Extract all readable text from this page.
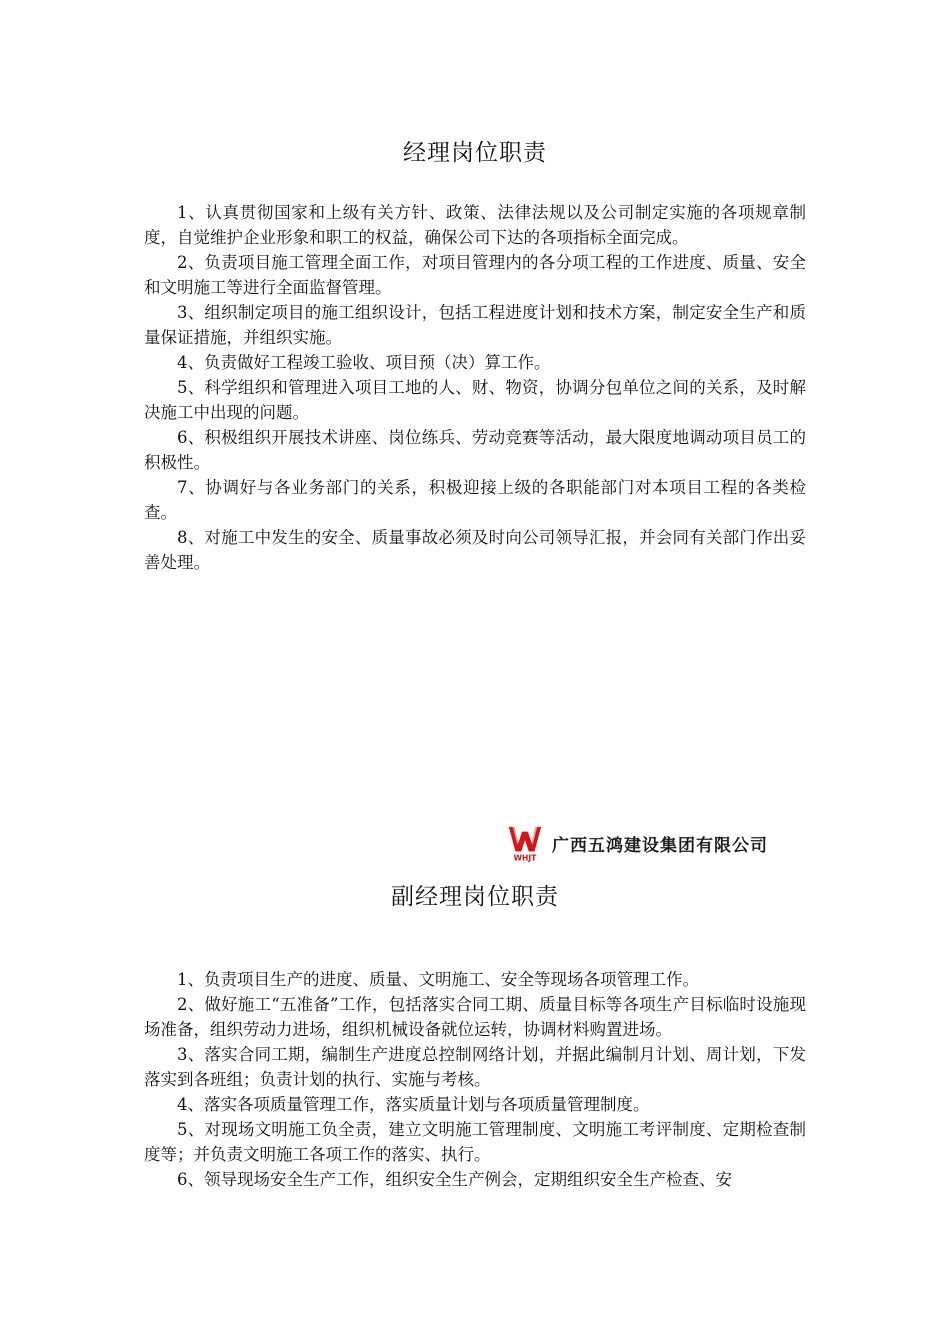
经理岗位职责

1、认真贯彻国家和上级有关方针、政策、法律法规以及公司制定实施的各项规章制度，自觉维护企业形象和职工的权益，确保公司下达的各项指标全面完成。

2、负责项目施工管理全面工作，对项目管理内的各分项工程的工作进度、质量、安全和文明施工等进行全面监督管理。

3、组织制定项目的施工组织设计，包括工程进度计划和技术方案，制定安全生产和质量保证措施，并组织实施。

4、负责做好工程竣工验收、项目预（决）算工作。

5、科学组织和管理进入项目工地的人、财、物资，协调分包单位之间的关系，及时解决施工中出现的问题。

6、积极组织开展技术讲座、岗位练兵、劳动竞赛等活动，最大限度地调动项目员工的积极性。

7、协调好与各业务部门的关系，积极迎接上级的各职能部门对本项目工程的各类检查。

8、对施工中发生的安全、质量事故必须及时向公司领导汇报，并会同有关部门作出妥善处理。

WHJT
广西五鸿建设集团有限公司
副经理岗位职责

1、负责项目生产的进度、质量、文明施工、安全等现场各项管理工作。

2、做好施工“五准备”工作，包括落实合同工期、质量目标等各项生产目标临时设施现场准备，组织劳动力进场，组织机械设备就位运转，协调材料购置进场。

3、落实合同工期，编制生产进度总控制网络计划，并据此编制月计划、周计划，下发落实到各班组；负责计划的执行、实施与考核。

4、落实各项质量管理工作，落实质量计划与各项质量管理制度。

5、对现场文明施工负全责，建立文明施工管理制度、文明施工考评制度、定期检查制度等；并负责文明施工各项工作的落实、执行。

6、领导现场安全生产工作，组织安全生产例会，定期组织安全生产检查、安
